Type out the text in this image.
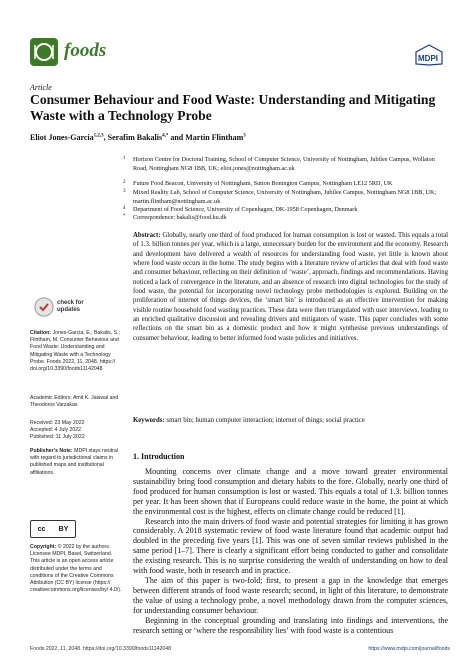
foods	MDPI
Article
Consumer Behaviour and Food Waste: Understanding and Mitigating Waste with a Technology Probe
Eliot Jones-Garcia$^{1,2,3}$, Serafim Bakalis$^{4,*}$ and Martin Flintham$^3$
1 Horizon Centre for Doctoral Training, School of Computer Science, University of Nottingham, Jubilee Campus, Wollaton Road, Nottingham NG8 1BB, UK; eliot.jones@nottingham.ac.uk
2 Future Food Beacon, University of Nottingham, Sutton Bonington Campus, Nottingham LE12 5RD, UK
3 Mixed Reality Lab, School of Computer Science, University of Nottingham, Jubilee Campus, Nottingham NG8 1BB, UK; martin.flintham@nottingham.ac.uk
4 Department of Food Science, University of Copenhagen, DK-1958 Copenhagen, Denmark
* Correspondence: bakalis@food.ku.dk
Abstract: Globally, nearly one third of food produced for human consumption is lost or wasted. This equals a total of 1.3. billion tonnes per year, which is a large, unnecessary burden for the environment and the economy. Research and development have delivered a wealth of resources for understanding food waste, yet little is known about where food waste occurs in the home. The study begins with a literature review of articles that deal with food waste and consumer behaviour, reflecting on their definition of ‘waste’, approach, findings and recommendations. Having noticed a lack of convergence in the literature, and an absence of research into digital technologies for the study of food waste, the potential for incorporating novel technology probe methodologies is explored. Building on the proliferation of internet of things devices, the ‘smart bin’ is introduced as an effective intervention for making visible routine household food wasting practices. These data were then triangulated with user interviews, leading to an enriched qualitative discussion and revealing drivers and mitigators of waste. This paper concludes with some reflections on the smart bin as a domestic product and how it might synthesise previous understandings of consumer behaviour, leading to better informed food waste policies and initiatives.
Keywords: smart bin; human computer interaction; internet of things; social practice
check for
updates
Citation: Jones-Garcia, E.; Bakalis, S.; Flintham, M. Consumer Behaviour and Food Waste: Understanding and Mitigating Waste with a Technology Probe. Foods 2022, 11, 2048. https:// doi.org/10.3390/foods11142048
Academic Editors: Amit K. Jaiswal and Theodoros Varzakas
Received: 23 May 2022
Accepted: 4 July 2022
Published: 11 July 2022
Publisher’s Note: MDPI stays neutral with regard to jurisdictional claims in published maps and institutional affiliations.
cc BY
Copyright: © 2022 by the authors. Licensee MDPI, Basel, Switzerland. This article is an open access article distributed under the terms and conditions of the Creative Commons Attribution (CC BY) license (https:// creativecommons.org/licenses/by/ 4.0/).
1. Introduction

Mounting concerns over climate change and a move toward greater environmental sustainability bring food consumption and dietary habits to the fore. Globally, nearly one third of food produced for human consumption is lost or wasted. This equals a total of 1.3. billion tonnes per year. It has been shown that if Europeans could reduce waste in the home, the point at which the environmental cost is the highest, effects on climate change could be reduced [1].

Research into the main drivers of food waste and potential strategies for limiting it has grown considerably. A 2018 systematic review of food waste literature found that academic output had doubled in the preceding five years [1]. This was one of seven similar reviews published in the same period [1–7]. There is clearly a significant effort being conducted to gather and consolidate the existing research. This is no surprise considering the wealth of understanding on how to deal with food waste, both in research and in practice.

The aim of this paper is two-fold; first, to present a gap in the knowledge that emerges between different strands of food waste research; second, in light of this literature, to demonstrate the value of using a technology probe, a novel methodology drawn from the computer sciences, for understanding consumer behaviour.

Beginning in the conceptual grounding and translating into findings and interventions, the research setting or ‘where the responsibility lies’ with food waste is a contentious

Foods 2022, 11, 2048. https://doi.org/10.3390/foods11142048	https://www.mdpi.com/journal/foods
